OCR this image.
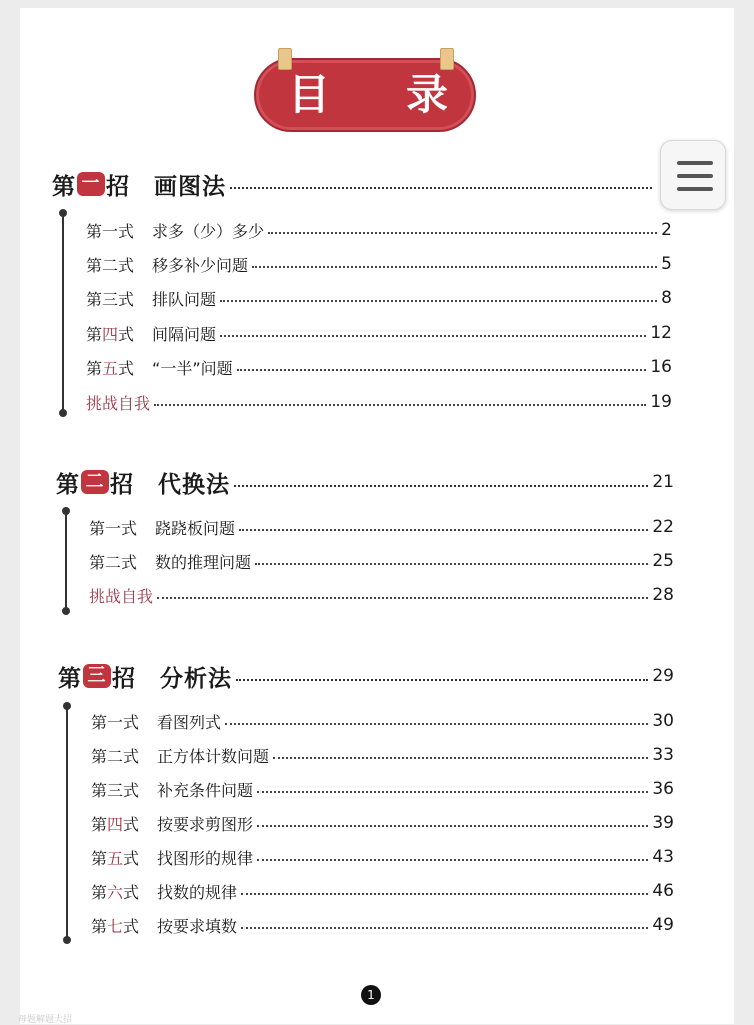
目 录
第 一 招 画图法
第一式 求多（少）多少	2
第二式 移多补少问题	5
第三式 排队问题	8
第四式 间隔问题	12
第五式 “一半”问题	16
挑战自我	19
第 二 招 代换法	21
第一式 跷跷板问题	22
第二式 数的推理问题	25
挑战自我	28
第 三 招 分析法	29
第一式 看图列式	30
第二式 正方体计数问题	33
第三式 补充条件问题	36
第四式 按要求剪图形	39
第五式 找图形的规律	43
第六式 找数的规律	46
第七式 按要求填数	49
1
母题解题大招
